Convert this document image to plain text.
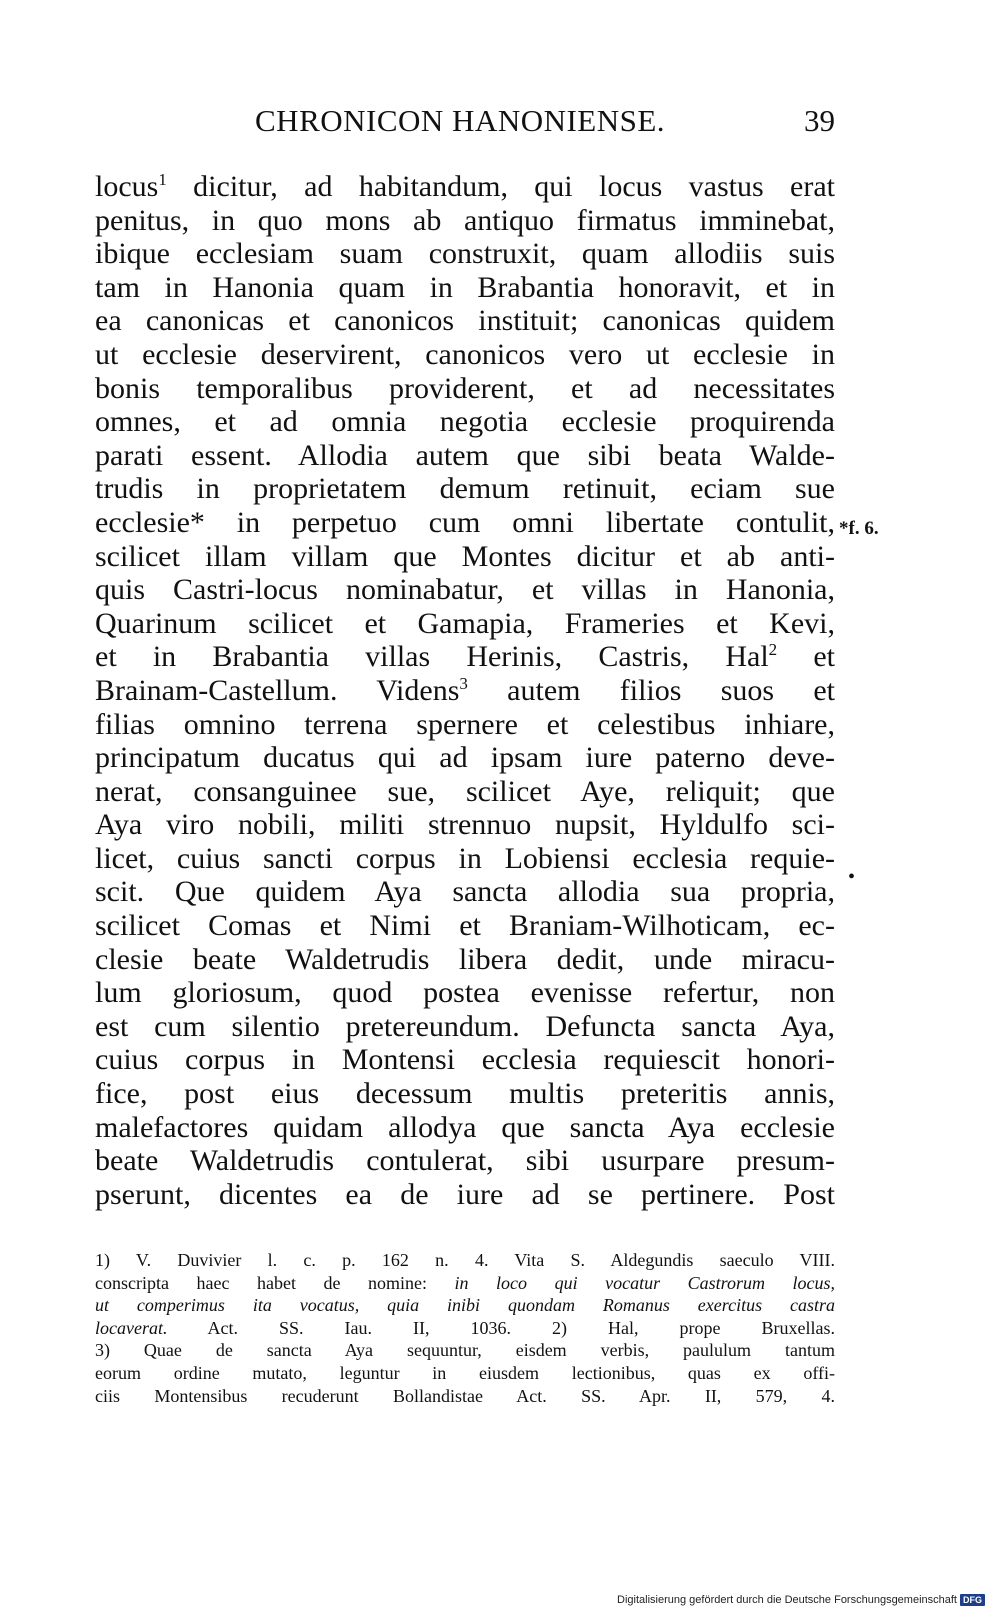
CHRONICON HANONIENSE.	39
locus$^1$ dicitur, ad habitandum, qui locus vastus erat
penitus, in quo mons ab antiquo firmatus imminebat,
ibique ecclesiam suam construxit, quam allodiis suis
tam in Hanonia quam in Brabantia honoravit, et in
ea canonicas et canonicos instituit; canonicas quidem
ut ecclesie deservirent, canonicos vero ut ecclesie in
bonis temporalibus providerent, et ad necessitates
omnes, et ad omnia negotia ecclesie proquirenda
parati essent. Allodia autem que sibi beata Walde-
trudis in proprietatem demum retinuit, eciam sue
ecclesie* in perpetuo cum omni libertate contulit,
scilicet illam villam que Montes dicitur et ab anti-
quis Castri-locus nominabatur, et villas in Hanonia,
Quarinum scilicet et Gamapia, Frameries et Kevi,
et in Brabantia villas Herinis, Castris, Hal$^2$ et
Brainam-Castellum. Videns$^3$ autem filios suos et
filias omnino terrena spernere et celestibus inhiare,
principatum ducatus qui ad ipsam iure paterno deve-
nerat, consanguinee sue, scilicet Aye, reliquit; que
Aya viro nobili, militi strennuo nupsit, Hyldulfo sci-
licet, cuius sancti corpus in Lobiensi ecclesia requie-
scit. Que quidem Aya sancta allodia sua propria,
scilicet Comas et Nimi et Braniam-Wilhoticam, ec-
clesie beate Waldetrudis libera dedit, unde miracu-
lum gloriosum, quod postea evenisse refertur, non
est cum silentio pretereundum. Defuncta sancta Aya,
cuius corpus in Montensi ecclesia requiescit honori-
fice, post eius decessum multis preteritis annis,
malefactores quidam allodya que sancta Aya ecclesie
beate Waldetrudis contulerat, sibi usurpare presum-
pserunt, dicentes ea de iure ad se pertinere. Post
*f. 6.
•
1) V. Duvivier l. c. p. 162 n. 4. Vita S. Aldegundis saeculo VIII.
conscripta haec habet de nomine: in loco qui vocatur Castrorum locus,
ut comperimus ita vocatus, quia inibi quondam Romanus exercitus castra
locaverat. Act. SS. Iau. II, 1036. 2) Hal, prope Bruxellas.
3) Quae de sancta Aya sequuntur, eisdem verbis, paululum tantum
eorum ordine mutato, leguntur in eiusdem lectionibus, quas ex offi-
ciis Montensibus recuderunt Bollandistae Act. SS. Apr. II, 579, 4.
Digitalisierung gefördert durch die Deutsche Forschungsgemeinschaft DFG
